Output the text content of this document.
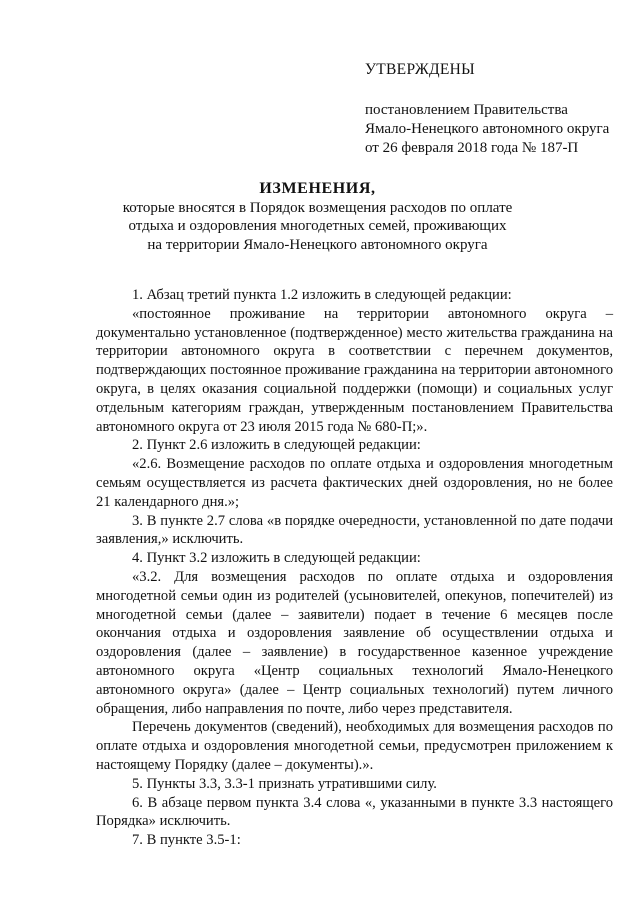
УТВЕРЖДЕНЫ
постановлением Правительства
Ямало-Ненецкого автономного округа
от 26 февраля 2018 года № 187-П
ИЗМЕНЕНИЯ,
которые вносятся в Порядок возмещения расходов по оплате
отдыха и оздоровления многодетных семей, проживающих
на территории Ямало-Ненецкого автономного округа

1. Абзац третий пункта 1.2 изложить в следующей редакции:

«постоянное проживание на территории автономного округа – документально установленное (подтвержденное) место жительства гражданина на территории автономного округа в соответствии с перечнем документов, подтверждающих постоянное проживание гражданина на территории автономного округа, в целях оказания социальной поддержки (помощи) и социальных услуг отдельным категориям граждан, утвержденным постановлением Правительства автономного округа от 23 июля 2015 года № 680-П;».

2. Пункт 2.6 изложить в следующей редакции:

«2.6. Возмещение расходов по оплате отдыха и оздоровления многодетным семьям осуществляется из расчета фактических дней оздоровления, но не более 21 календарного дня.»;

3. В пункте 2.7 слова «в порядке очередности, установленной по дате подачи заявления,» исключить.

4. Пункт 3.2 изложить в следующей редакции:

«3.2. Для возмещения расходов по оплате отдыха и оздоровления многодетной семьи один из родителей (усыновителей, опекунов, попечителей) из многодетной семьи (далее – заявители) подает в течение 6 месяцев после окончания отдыха и оздоровления заявление об осуществлении отдыха и оздоровления (далее – заявление) в государственное казенное учреждение автономного округа «Центр социальных технологий Ямало-Ненецкого автономного округа» (далее – Центр социальных технологий) путем личного обращения, либо направления по почте, либо через представителя.

Перечень документов (сведений), необходимых для возмещения расходов по оплате отдыха и оздоровления многодетной семьи, предусмотрен приложением к настоящему Порядку (далее – документы).».

5. Пункты 3.3, 3.3-1 признать утратившими силу.

6. В абзаце первом пункта 3.4 слова «, указанными в пункте 3.3 настоящего Порядка» исключить.

7. В пункте 3.5-1:
